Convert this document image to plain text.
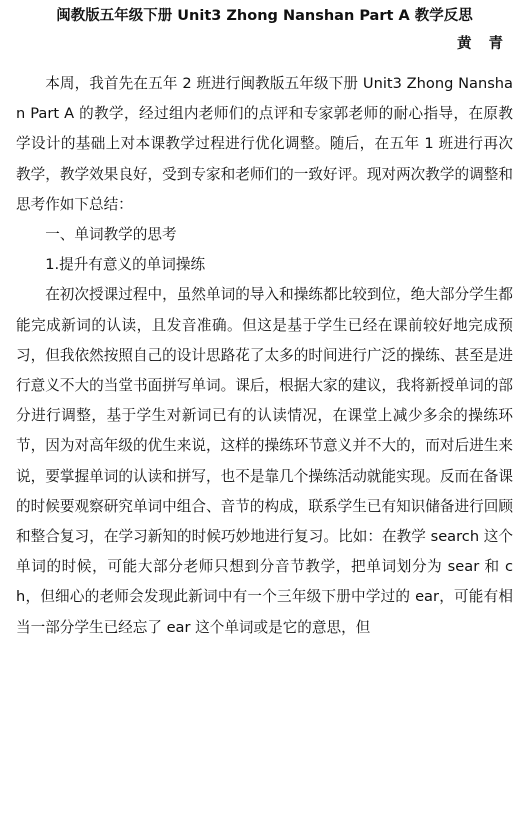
闽教版五年级下册 Unit3 Zhong Nanshan Part A 教学反思
黄 青

本周，我首先在五年 2 班进行闽教版五年级下册 Unit3 Zhong Nanshan Part A 的教学，经过组内老师们的点评和专家郭老师的耐心指导，在原教学设计的基础上对本课教学过程进行优化调整。随后，在五年 1 班进行再次教学，教学效果良好，受到专家和老师们的一致好评。现对两次教学的调整和思考作如下总结：

一、单词教学的思考
1.提升有意义的单词操练

在初次授课过程中，虽然单词的导入和操练都比较到位，绝大部分学生都能完成新词的认读，且发音准确。但这是基于学生已经在课前较好地完成预习，但我依然按照自己的设计思路花了太多的时间进行广泛的操练、甚至是进行意义不大的当堂书面拼写单词。课后，根据大家的建议，我将新授单词的部分进行调整，基于学生对新词已有的认读情况，在课堂上减少多余的操练环节，因为对高年级的优生来说，这样的操练环节意义并不大的，而对后进生来说，要掌握单词的认读和拼写，也不是靠几个操练活动就能实现。反而在备课的时候要观察研究单词中组合、音节的构成，联系学生已有知识储备进行回顾和整合复习，在学习新知的时候巧妙地进行复习。比如：在教学 search 这个单词的时候，可能大部分老师只想到分音节教学，把单词划分为 sear 和 ch，但细心的老师会发现此新词中有一个三年级下册中学过的 ear，可能有相当一部分学生已经忘了 ear 这个单词或是它的意思，但
